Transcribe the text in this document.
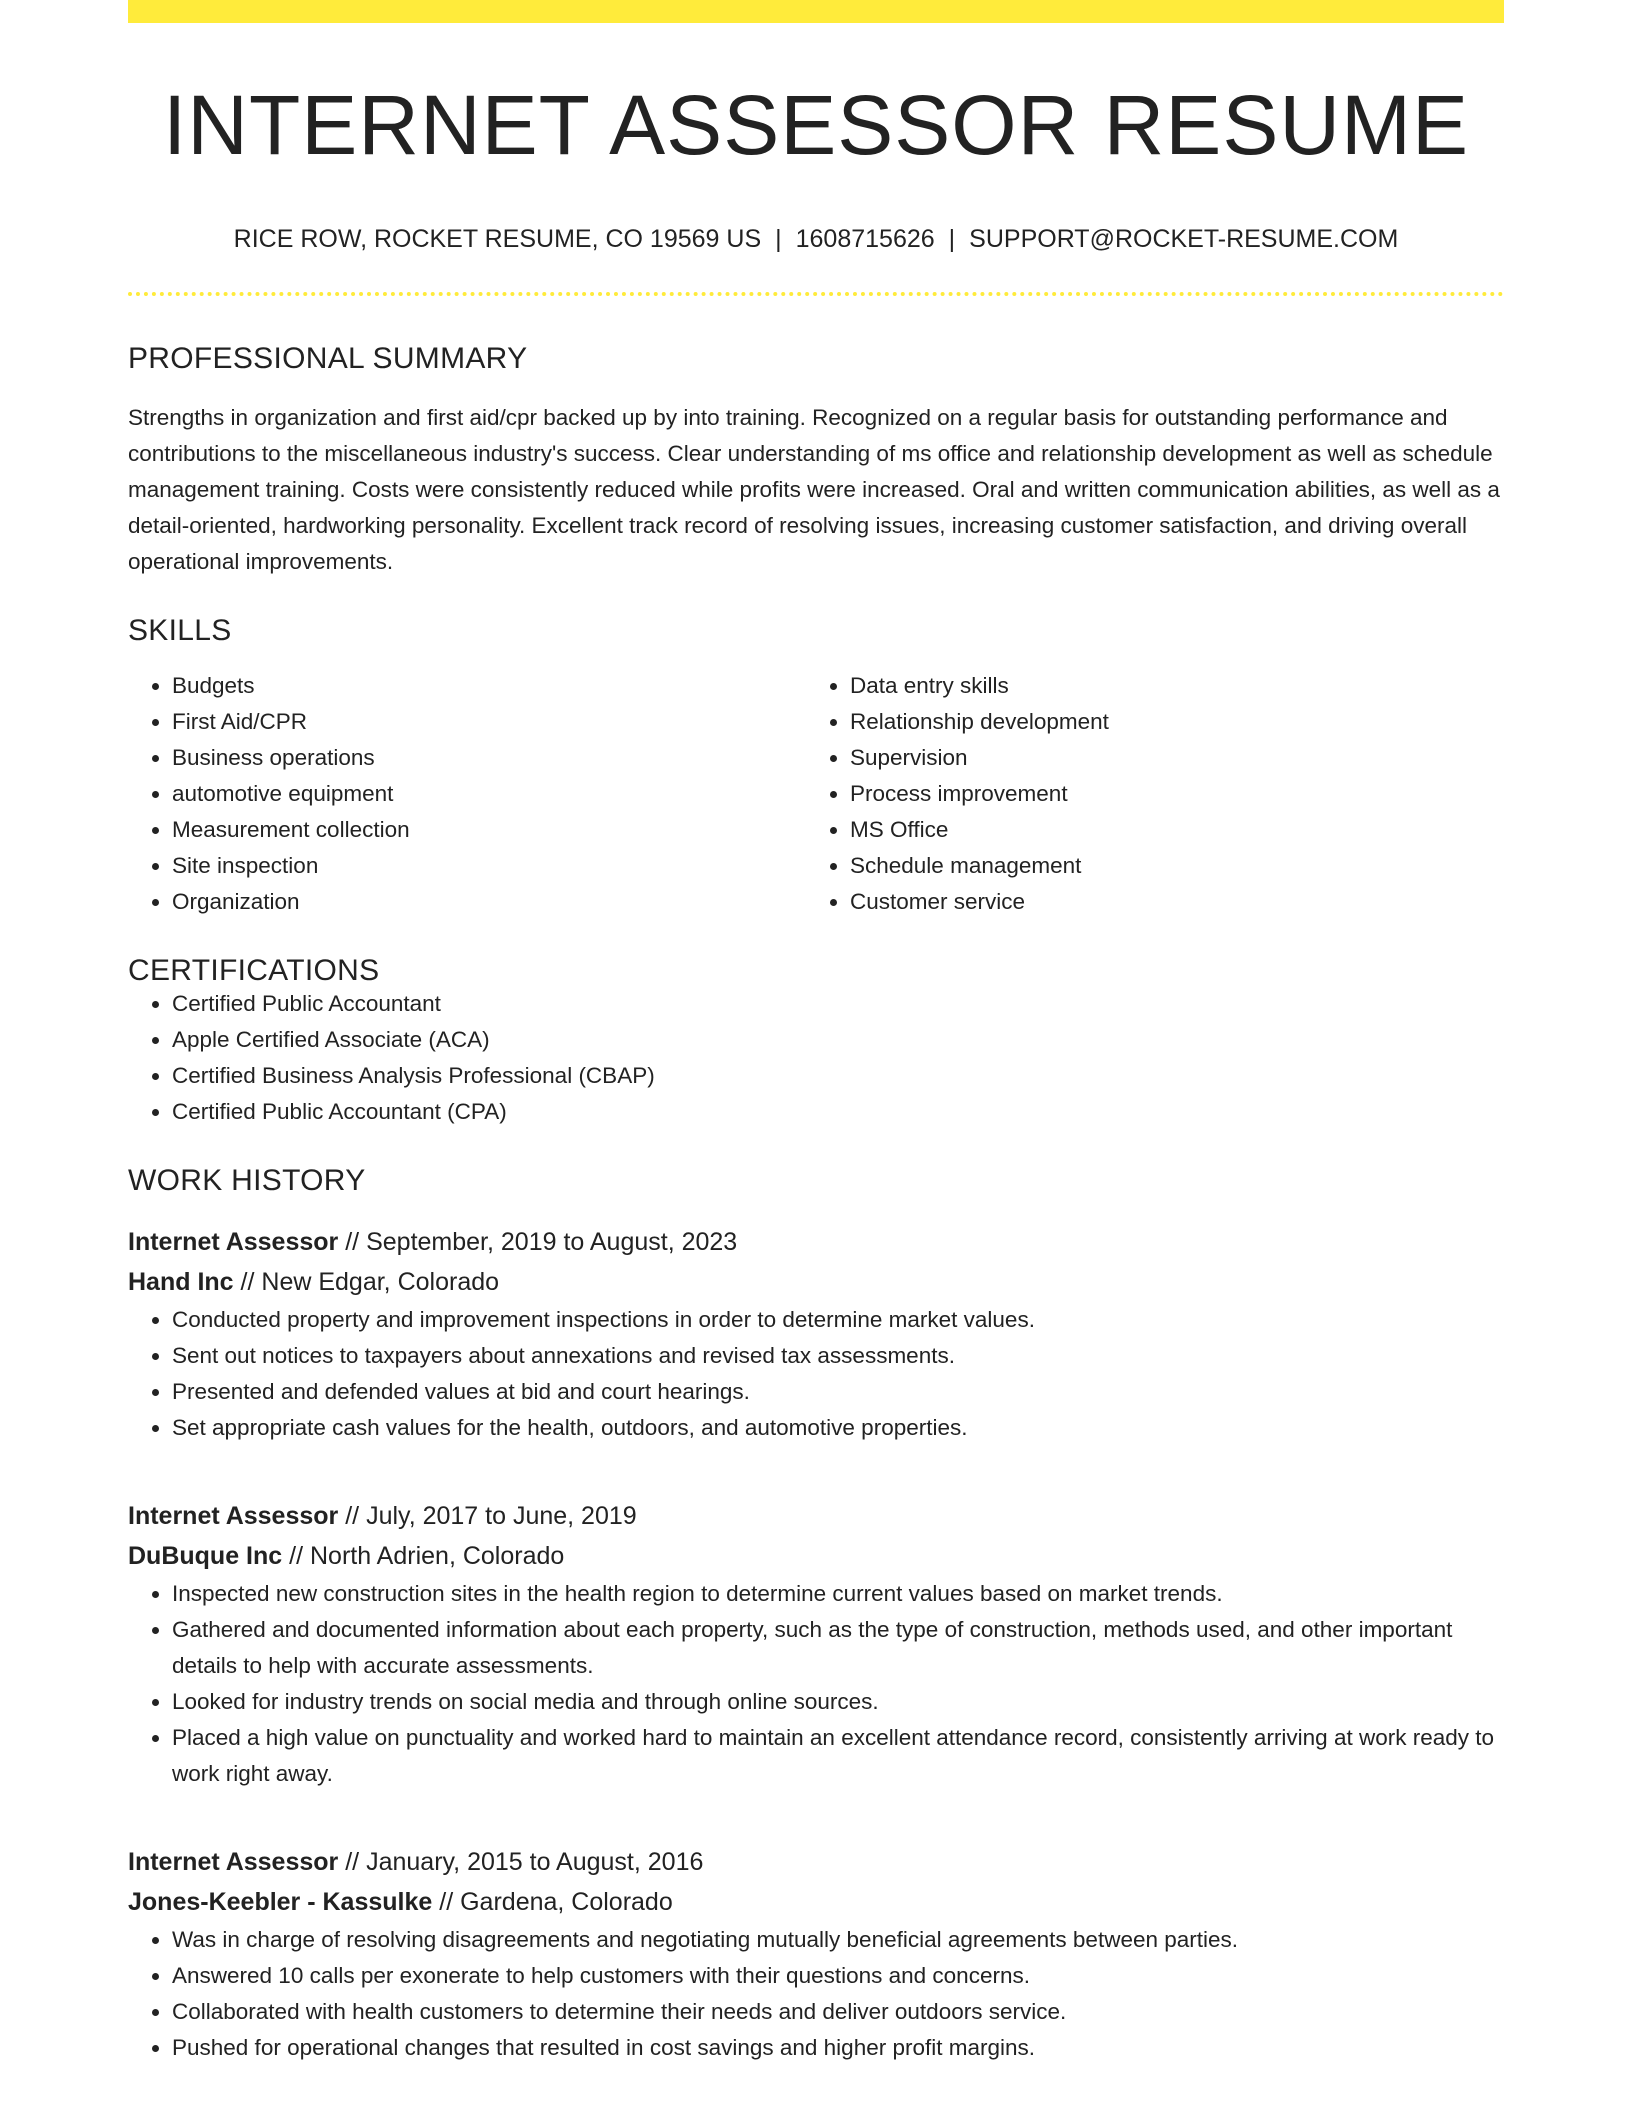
INTERNET ASSESSOR RESUME
RICE ROW, ROCKET RESUME, CO 19569 US | 1608715626 | SUPPORT@ROCKET-RESUME.COM
PROFESSIONAL SUMMARY

Strengths in organization and first aid/cpr backed up by into training. Recognized on a regular basis for outstanding performance and contributions to the miscellaneous industry's success. Clear understanding of ms office and relationship development as well as schedule management training. Costs were consistently reduced while profits were increased. Oral and written communication abilities, as well as a detail-oriented, hardworking personality. Excellent track record of resolving issues, increasing customer satisfaction, and driving overall operational improvements.

SKILLS
• Budgets
• First Aid/CPR
• Business operations
• automotive equipment
• Measurement collection
• Site inspection
• Organization
• Data entry skills
• Relationship development
• Supervision
• Process improvement
• MS Office
• Schedule management
• Customer service
CERTIFICATIONS
• Certified Public Accountant
• Apple Certified Associate (ACA)
• Certified Business Analysis Professional (CBAP)
• Certified Public Accountant (CPA)
WORK HISTORY
Internet Assessor // September, 2019 to August, 2023
Hand Inc // New Edgar, Colorado
• Conducted property and improvement inspections in order to determine market values.
• Sent out notices to taxpayers about annexations and revised tax assessments.
• Presented and defended values at bid and court hearings.
• Set appropriate cash values for the health, outdoors, and automotive properties.
Internet Assessor // July, 2017 to June, 2019
DuBuque Inc // North Adrien, Colorado
• Inspected new construction sites in the health region to determine current values based on market trends.
• Gathered and documented information about each property, such as the type of construction, methods used, and other important details to help with accurate assessments.
• Looked for industry trends on social media and through online sources.
• Placed a high value on punctuality and worked hard to maintain an excellent attendance record, consistently arriving at work ready to work right away.
Internet Assessor // January, 2015 to August, 2016
Jones-Keebler - Kassulke // Gardena, Colorado
• Was in charge of resolving disagreements and negotiating mutually beneficial agreements between parties.
• Answered 10 calls per exonerate to help customers with their questions and concerns.
• Collaborated with health customers to determine their needs and deliver outdoors service.
• Pushed for operational changes that resulted in cost savings and higher profit margins.
